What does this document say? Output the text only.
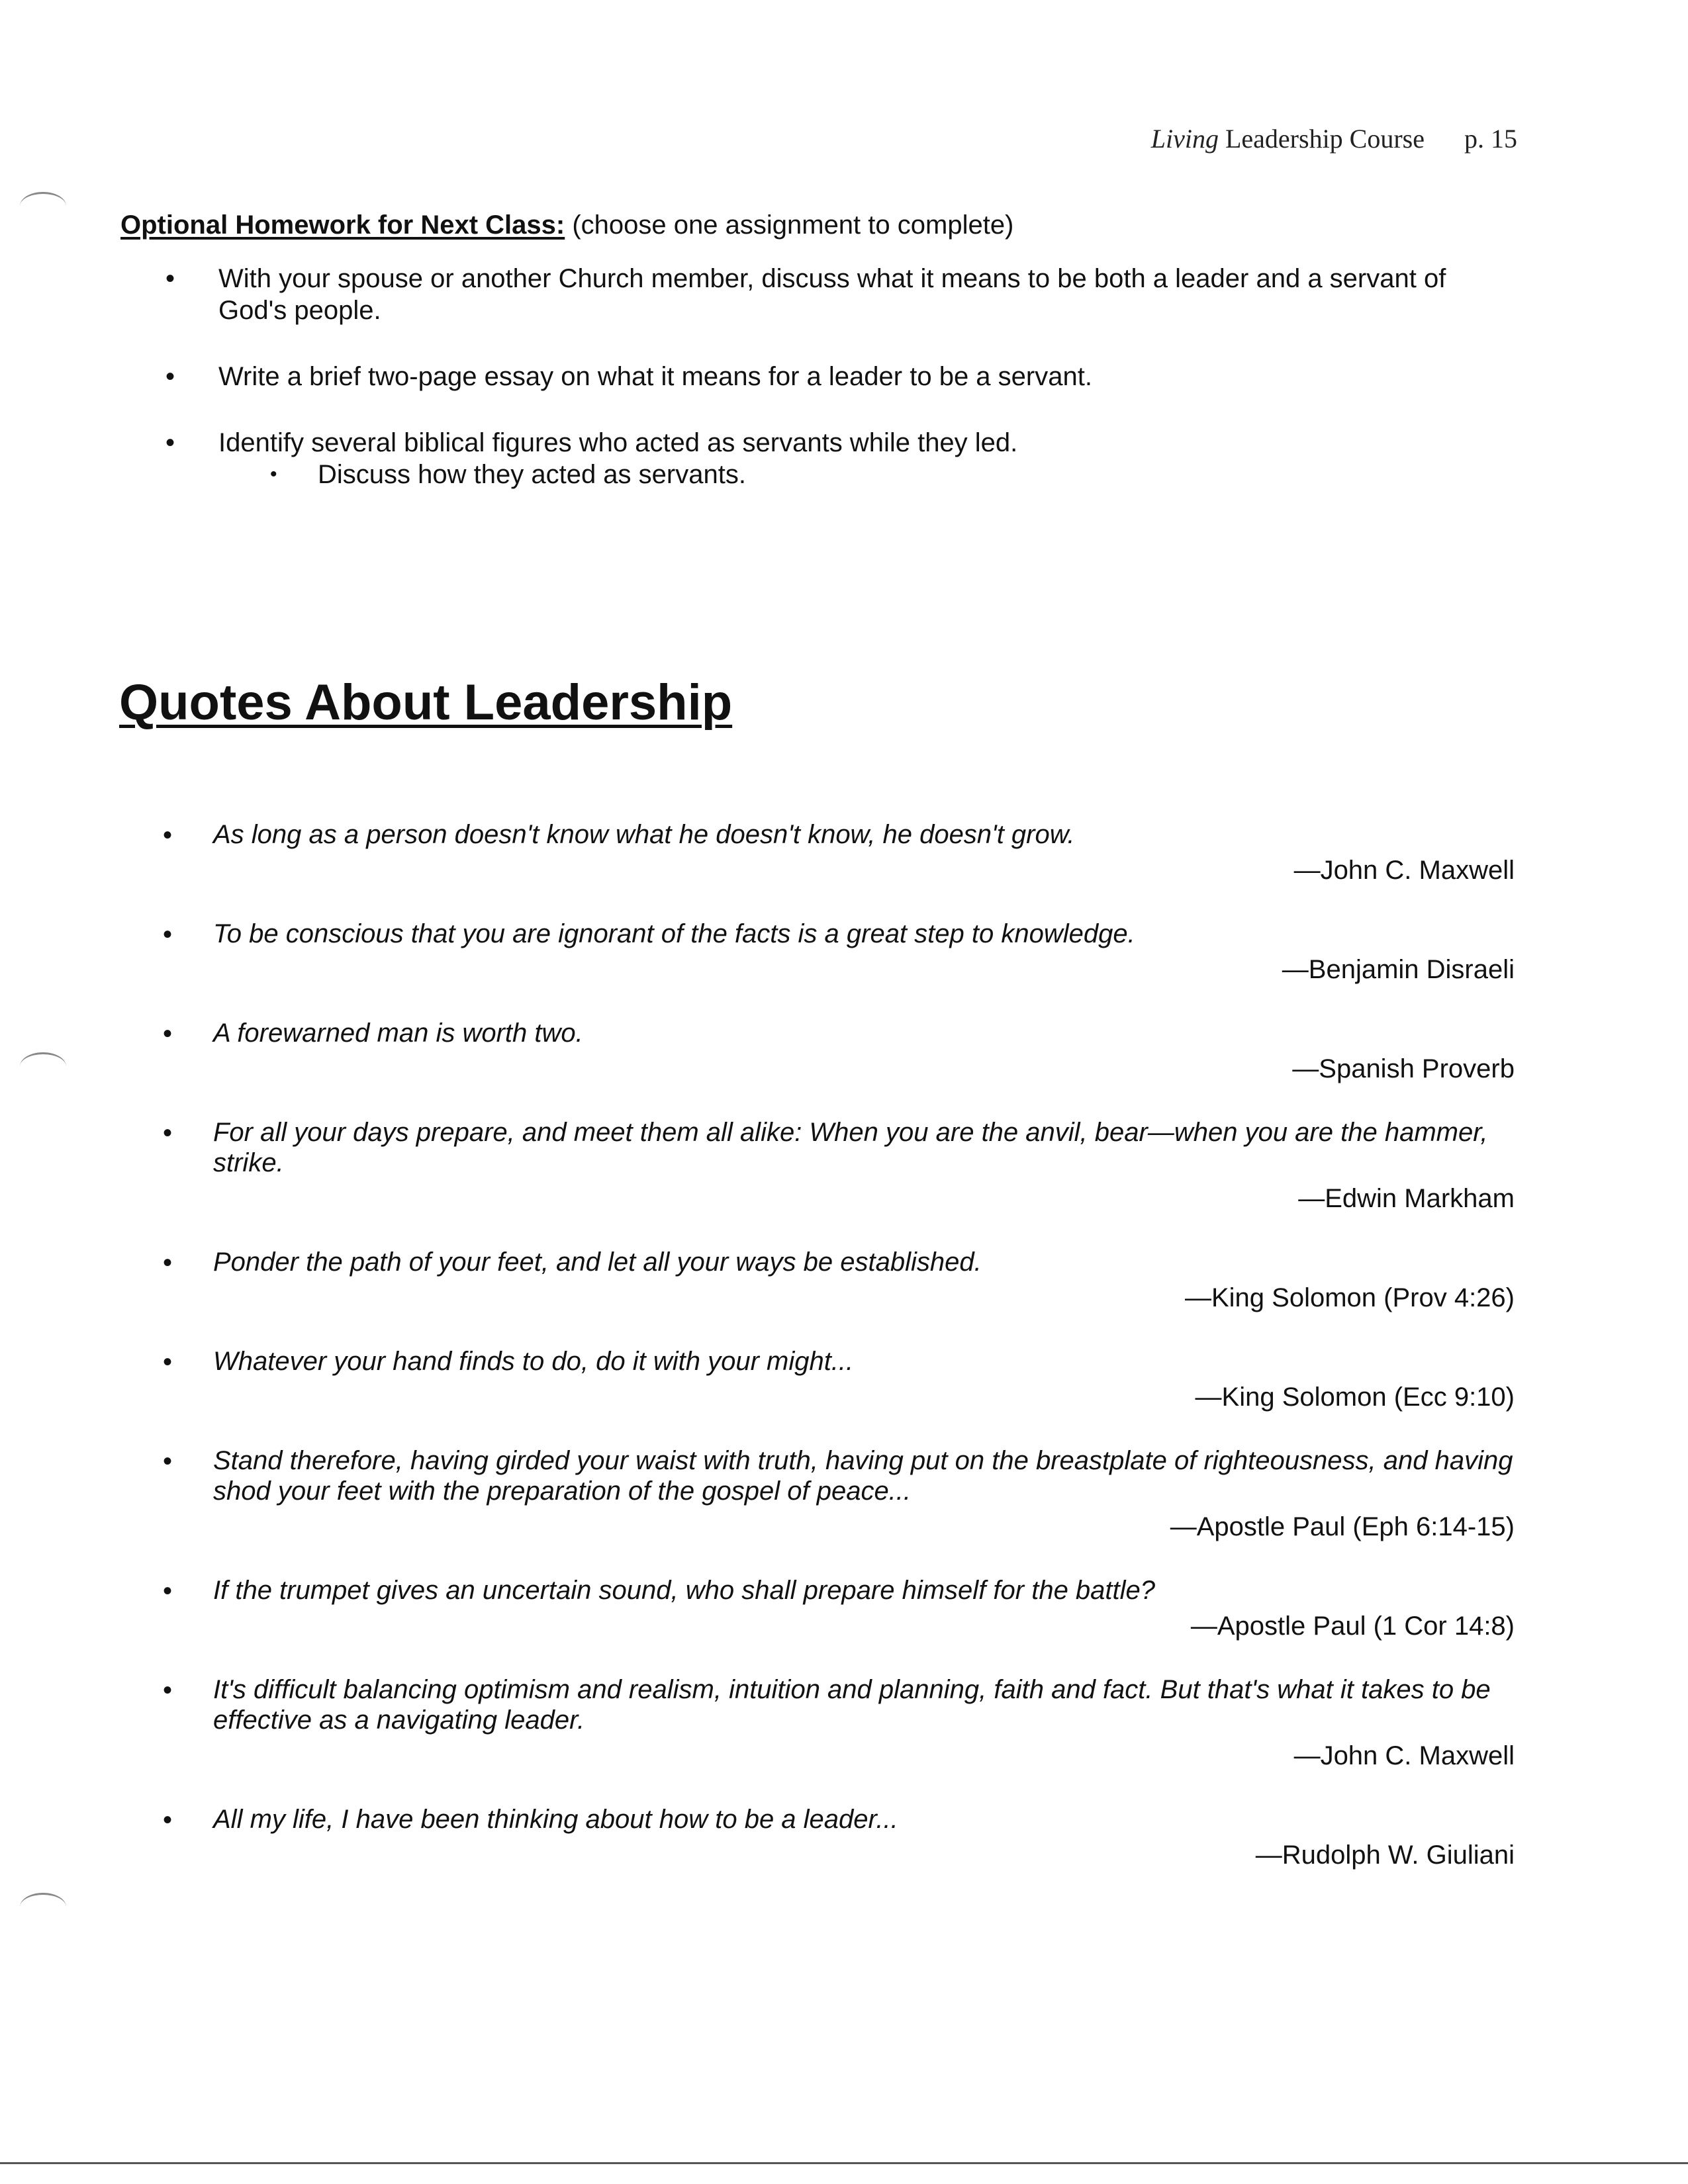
Living Leadership Course p. 15
Optional Homework for Next Class: (choose one assignment to complete)
• With your spouse or another Church member, discuss what it means to be both a leader and a servant of God's people.
• Write a brief two-page essay on what it means for a leader to be a servant.
• Identify several biblical figures who acted as servants while they led.
• Discuss how they acted as servants.
Quotes About Leadership
• As long as a person doesn't know what he doesn't know, he doesn't grow.
—John C. Maxwell
• To be conscious that you are ignorant of the facts is a great step to knowledge.
—Benjamin Disraeli
• A forewarned man is worth two.
—Spanish Proverb
• For all your days prepare, and meet them all alike: When you are the anvil, bear—when you are the hammer, strike.
—Edwin Markham
• Ponder the path of your feet, and let all your ways be established.
—King Solomon (Prov 4:26)
• Whatever your hand finds to do, do it with your might...
—King Solomon (Ecc 9:10)
• Stand therefore, having girded your waist with truth, having put on the breastplate of righteousness, and having shod your feet with the preparation of the gospel of peace...
—Apostle Paul (Eph 6:14-15)
• If the trumpet gives an uncertain sound, who shall prepare himself for the battle?
—Apostle Paul (1 Cor 14:8)
• It's difficult balancing optimism and realism, intuition and planning, faith and fact. But that's what it takes to be effective as a navigating leader.
—John C. Maxwell
• All my life, I have been thinking about how to be a leader...
—Rudolph W. Giuliani
